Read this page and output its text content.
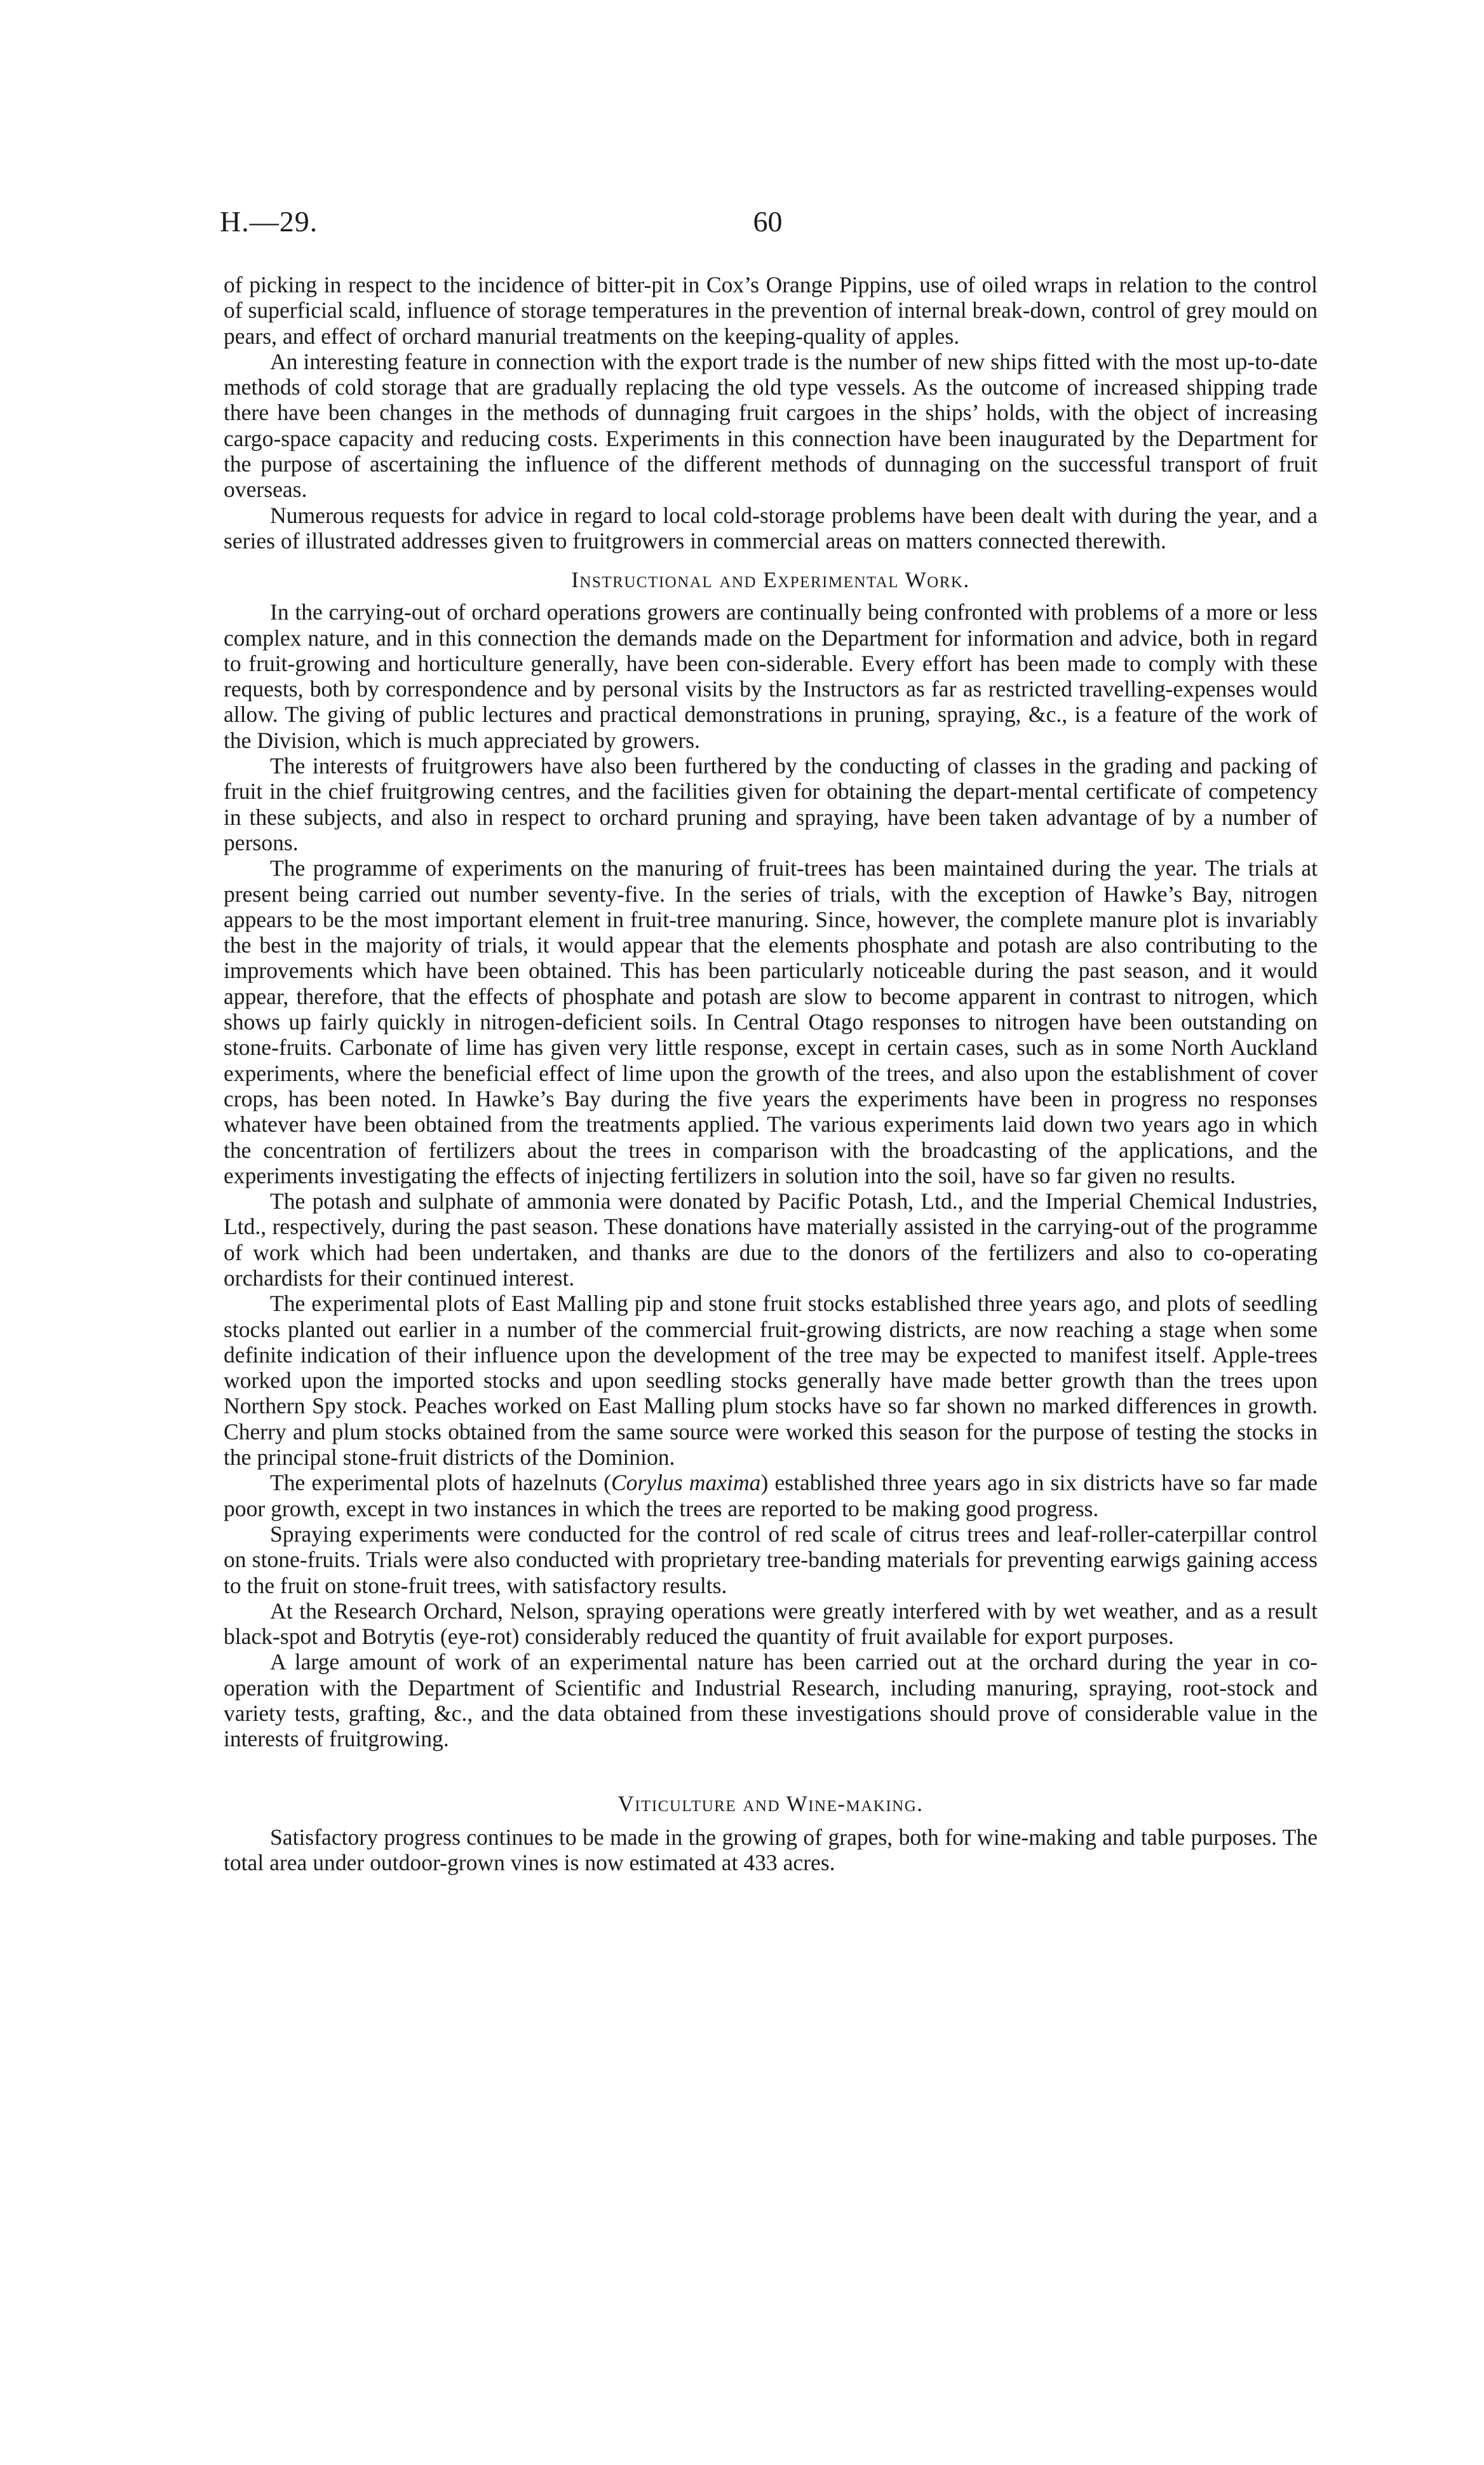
H.—29.	60

of picking in respect to the incidence of bitter-pit in Cox’s Orange Pippins, use of oiled wraps in relation to the control of superficial scald, influence of storage temperatures in the prevention of internal break-down, control of grey mould on pears, and effect of orchard manurial treatments on the keeping-quality of apples.

An interesting feature in connection with the export trade is the number of new ships fitted with the most up-to-date methods of cold storage that are gradually replacing the old type vessels. As the outcome of increased shipping trade there have been changes in the methods of dunnaging fruit cargoes in the ships’ holds, with the object of increasing cargo-space capacity and reducing costs. Experiments in this connection have been inaugurated by the Department for the purpose of ascertaining the influence of the different methods of dunnaging on the successful transport of fruit overseas.

Numerous requests for advice in regard to local cold-storage problems have been dealt with during the year, and a series of illustrated addresses given to fruitgrowers in commercial areas on matters connected therewith.

Instructional and Experimental Work.

In the carrying-out of orchard operations growers are continually being confronted with problems of a more or less complex nature, and in this connection the demands made on the Department for information and advice, both in regard to fruit-growing and horticulture generally, have been con-siderable. Every effort has been made to comply with these requests, both by correspondence and by personal visits by the Instructors as far as restricted travelling-expenses would allow. The giving of public lectures and practical demonstrations in pruning, spraying, &c., is a feature of the work of the Division, which is much appreciated by growers.

The interests of fruitgrowers have also been furthered by the conducting of classes in the grading and packing of fruit in the chief fruitgrowing centres, and the facilities given for obtaining the depart-mental certificate of competency in these subjects, and also in respect to orchard pruning and spraying, have been taken advantage of by a number of persons.

The programme of experiments on the manuring of fruit-trees has been maintained during the year. The trials at present being carried out number seventy-five. In the series of trials, with the exception of Hawke’s Bay, nitrogen appears to be the most important element in fruit-tree manuring. Since, however, the complete manure plot is invariably the best in the majority of trials, it would appear that the elements phosphate and potash are also contributing to the improvements which have been obtained. This has been particularly noticeable during the past season, and it would appear, therefore, that the effects of phosphate and potash are slow to become apparent in contrast to nitrogen, which shows up fairly quickly in nitrogen-deficient soils. In Central Otago responses to nitrogen have been outstanding on stone-fruits. Carbonate of lime has given very little response, except in certain cases, such as in some North Auckland experiments, where the beneficial effect of lime upon the growth of the trees, and also upon the establishment of cover crops, has been noted. In Hawke’s Bay during the five years the experiments have been in progress no responses whatever have been obtained from the treatments applied. The various experiments laid down two years ago in which the concentration of fertilizers about the trees in comparison with the broadcasting of the applications, and the experiments investigating the effects of injecting fertilizers in solution into the soil, have so far given no results.

The potash and sulphate of ammonia were donated by Pacific Potash, Ltd., and the Imperial Chemical Industries, Ltd., respectively, during the past season. These donations have materially assisted in the carrying-out of the programme of work which had been undertaken, and thanks are due to the donors of the fertilizers and also to co-operating orchardists for their continued interest.

The experimental plots of East Malling pip and stone fruit stocks established three years ago, and plots of seedling stocks planted out earlier in a number of the commercial fruit-growing districts, are now reaching a stage when some definite indication of their influence upon the development of the tree may be expected to manifest itself. Apple-trees worked upon the imported stocks and upon seedling stocks generally have made better growth than the trees upon Northern Spy stock. Peaches worked on East Malling plum stocks have so far shown no marked differences in growth. Cherry and plum stocks obtained from the same source were worked this season for the purpose of testing the stocks in the principal stone-fruit districts of the Dominion.

The experimental plots of hazelnuts (Corylus maxima) established three years ago in six districts have so far made poor growth, except in two instances in which the trees are reported to be making good progress.

Spraying experiments were conducted for the control of red scale of citrus trees and leaf-roller-caterpillar control on stone-fruits. Trials were also conducted with proprietary tree-banding materials for preventing earwigs gaining access to the fruit on stone-fruit trees, with satisfactory results.

At the Research Orchard, Nelson, spraying operations were greatly interfered with by wet weather, and as a result black-spot and Botrytis (eye-rot) considerably reduced the quantity of fruit available for export purposes.

A large amount of work of an experimental nature has been carried out at the orchard during the year in co-operation with the Department of Scientific and Industrial Research, including manuring, spraying, root-stock and variety tests, grafting, &c., and the data obtained from these investigations should prove of considerable value in the interests of fruitgrowing.

Viticulture and Wine-making.

Satisfactory progress continues to be made in the growing of grapes, both for wine-making and table purposes. The total area under outdoor-grown vines is now estimated at 433 acres.
